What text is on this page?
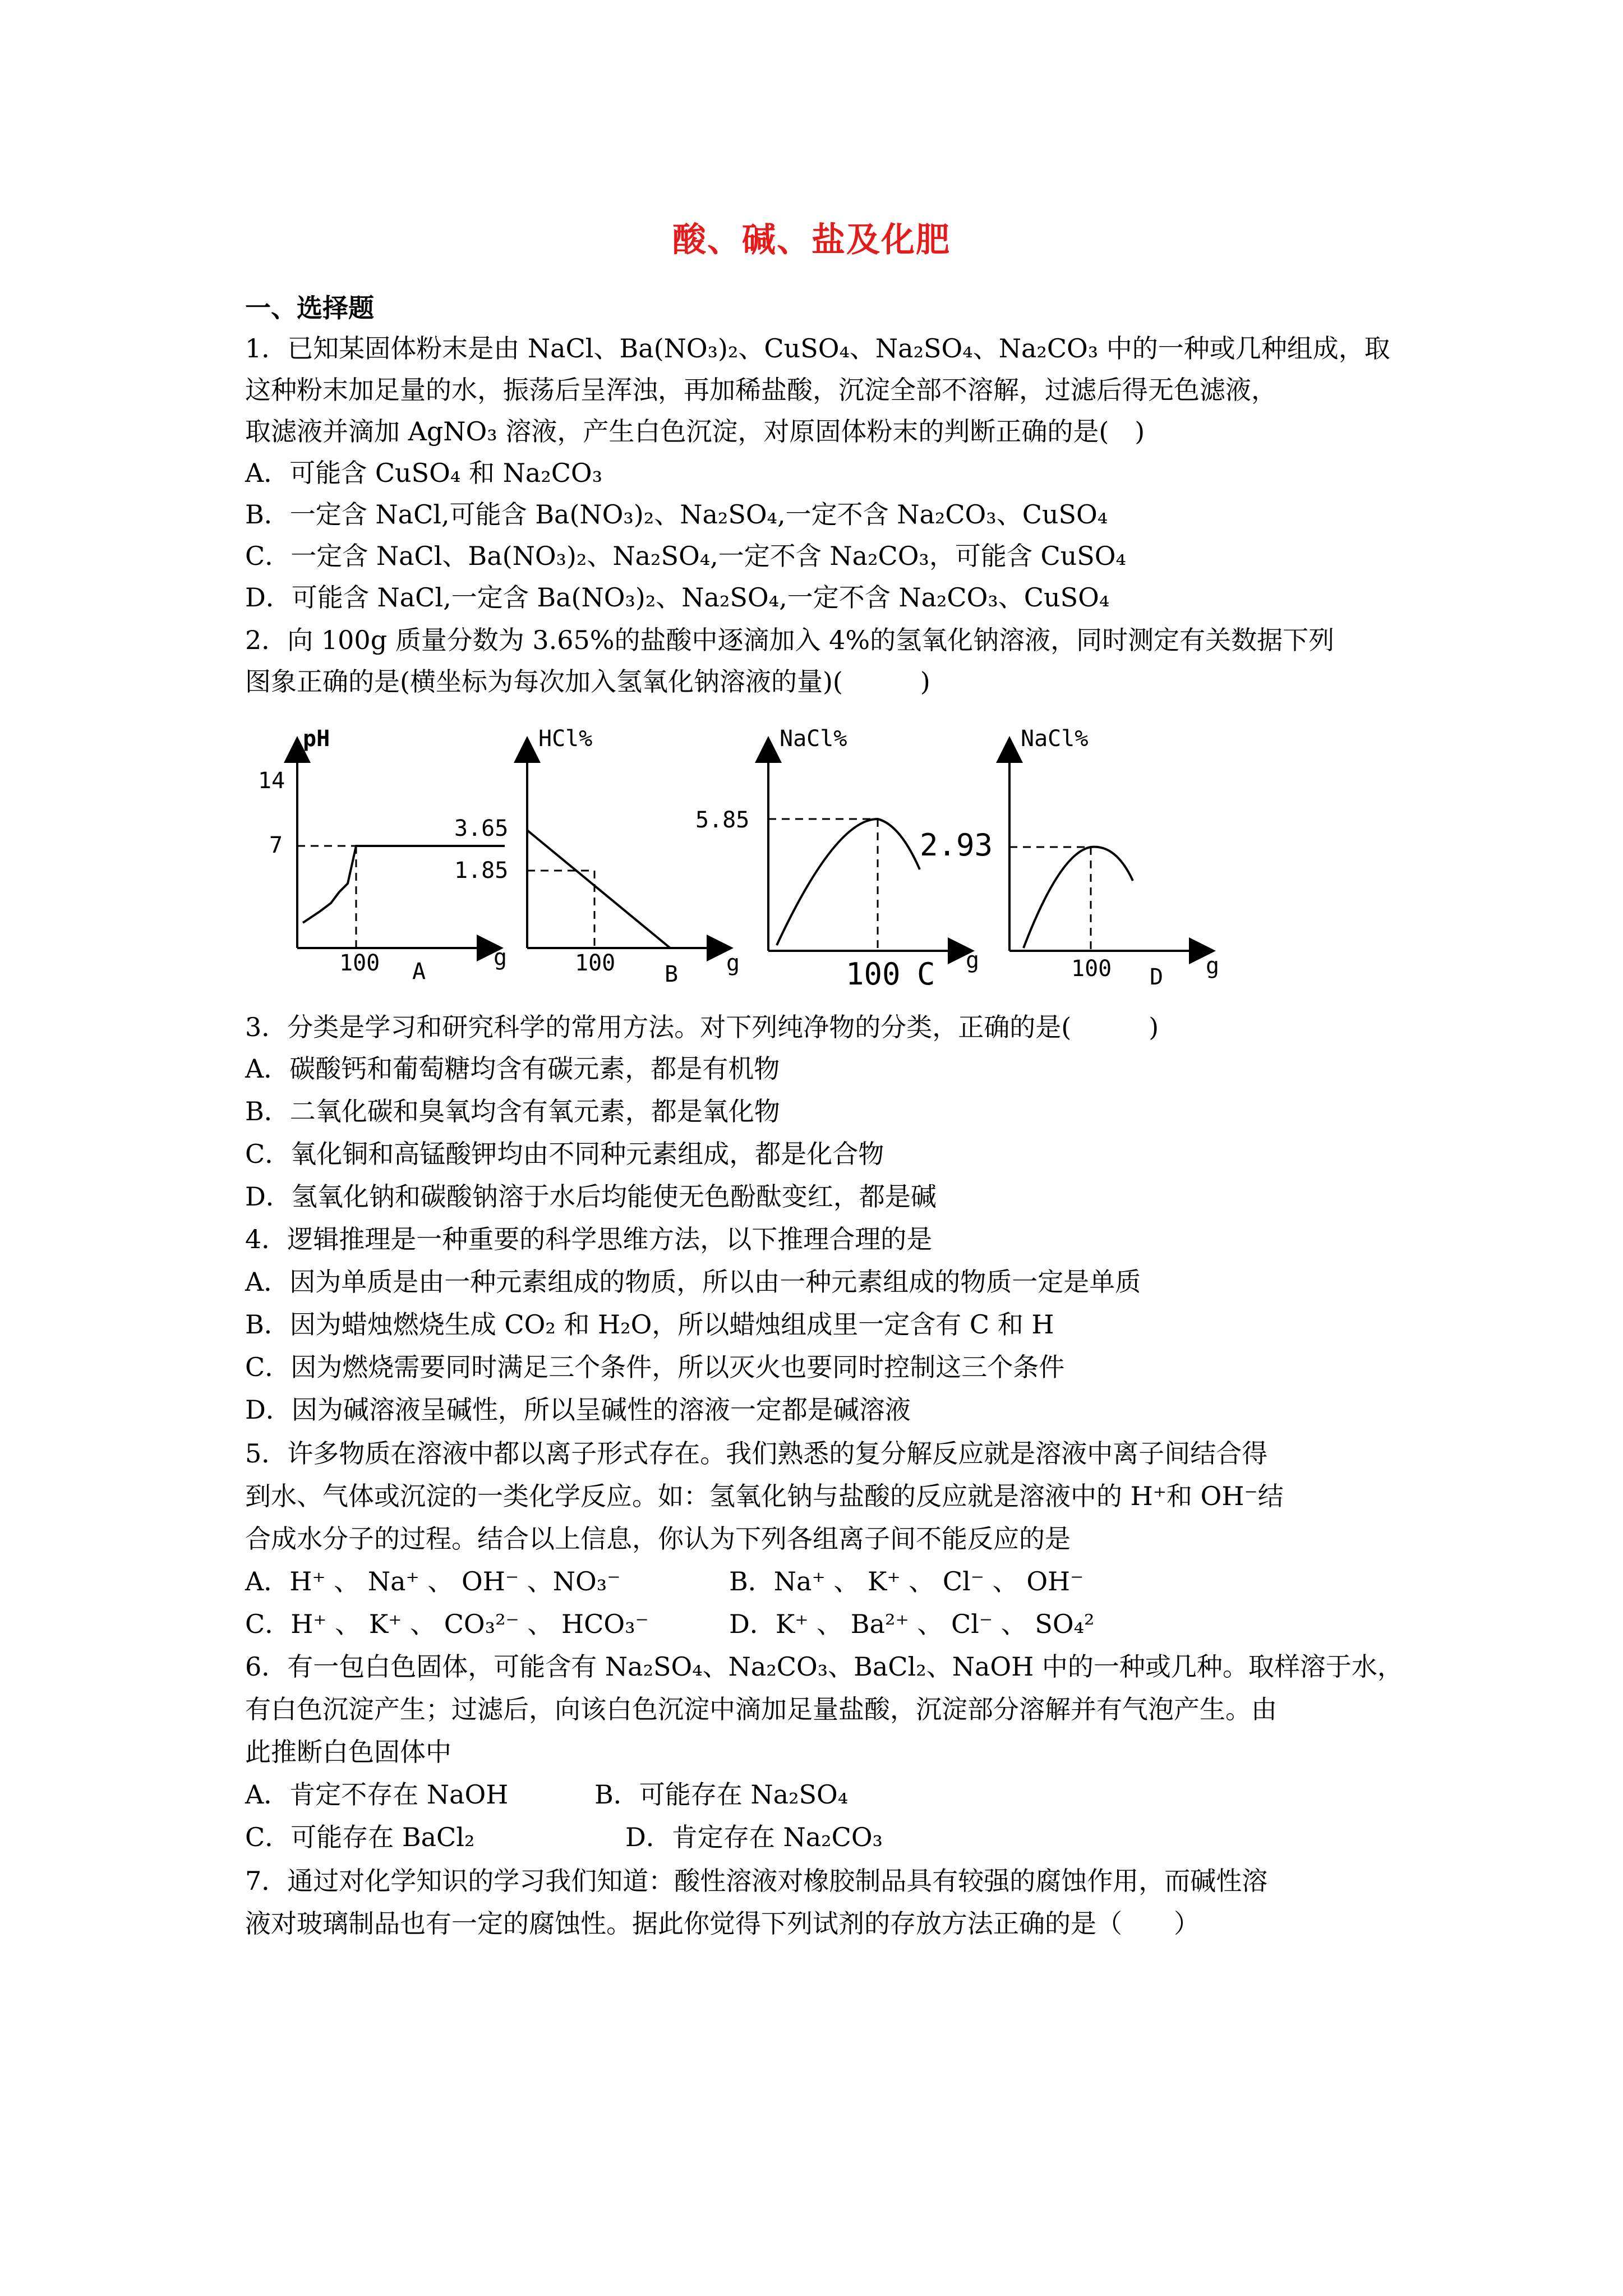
酸、碱、盐及化肥
一、选择题
1．已知某固体粉末是由 NaCl、Ba(NO₃)₂、CuSO₄、Na₂SO₄、Na₂CO₃ 中的一种或几种组成，取
这种粉末加足量的水，振荡后呈浑浊，再加稀盐酸，沉淀全部不溶解，过滤后得无色滤液，
取滤液并滴加 AgNO₃ 溶液，产生白色沉淀，对原固体粉末的判断正确的是(　)
A．可能含 CuSO₄ 和 Na₂CO₃
B．一定含 NaCl,可能含 Ba(NO₃)₂、Na₂SO₄,一定不含 Na₂CO₃、CuSO₄
C．一定含 NaCl、Ba(NO₃)₂、Na₂SO₄,一定不含 Na₂CO₃，可能含 CuSO₄
D．可能含 NaCl,一定含 Ba(NO₃)₂、Na₂SO₄,一定不含 Na₂CO₃、CuSO₄
2．向 100g 质量分数为 3.65%的盐酸中逐滴加入 4%的氢氧化钠溶液，同时测定有关数据下列
图象正确的是(横坐标为每次加入氢氧化钠溶液的量)(　　　)
pH
14
7
100	g
A
HCl%
3.65
1.85
100	g
B
NaCl%
5.85
100 C g
NaCl%
2.93
100 D g
3．分类是学习和研究科学的常用方法。对下列纯净物的分类，正确的是(　　　)
A．碳酸钙和葡萄糖均含有碳元素，都是有机物
B．二氧化碳和臭氧均含有氧元素，都是氧化物
C．氧化铜和高锰酸钾均由不同种元素组成，都是化合物
D．氢氧化钠和碳酸钠溶于水后均能使无色酚酞变红，都是碱
4．逻辑推理是一种重要的科学思维方法，以下推理合理的是
A．因为单质是由一种元素组成的物质，所以由一种元素组成的物质一定是单质
B．因为蜡烛燃烧生成 CO₂ 和 H₂O，所以蜡烛组成里一定含有 C 和 H
C．因为燃烧需要同时满足三个条件，所以灭火也要同时控制这三个条件
D．因为碱溶液呈碱性，所以呈碱性的溶液一定都是碱溶液
5．许多物质在溶液中都以离子形式存在。我们熟悉的复分解反应就是溶液中离子间结合得
到水、气体或沉淀的一类化学反应。如：氢氧化钠与盐酸的反应就是溶液中的 H⁺和 OH⁻结
合成水分子的过程。结合以上信息，你认为下列各组离子间不能反应的是
A．H⁺ 、 Na⁺ 、 OH⁻ 、NO₃⁻	B．Na⁺ 、 K⁺ 、 Cl⁻ 、 OH⁻
C．H⁺ 、 K⁺ 、 CO₃²⁻ 、 HCO₃⁻	D．K⁺ 、 Ba²⁺ 、 Cl⁻ 、 SO₄²
6．有一包白色固体，可能含有 Na₂SO₄、Na₂CO₃、BaCl₂、NaOH 中的一种或几种。取样溶于水，
有白色沉淀产生；过滤后，向该白色沉淀中滴加足量盐酸，沉淀部分溶解并有气泡产生。由
此推断白色固体中
A．肯定不存在 NaOH	B．可能存在 Na₂SO₄
C．可能存在 BaCl₂	D．肯定存在 Na₂CO₃
7．通过对化学知识的学习我们知道：酸性溶液对橡胶制品具有较强的腐蚀作用，而碱性溶
液对玻璃制品也有一定的腐蚀性。据此你觉得下列试剂的存放方法正确的是（　　）
